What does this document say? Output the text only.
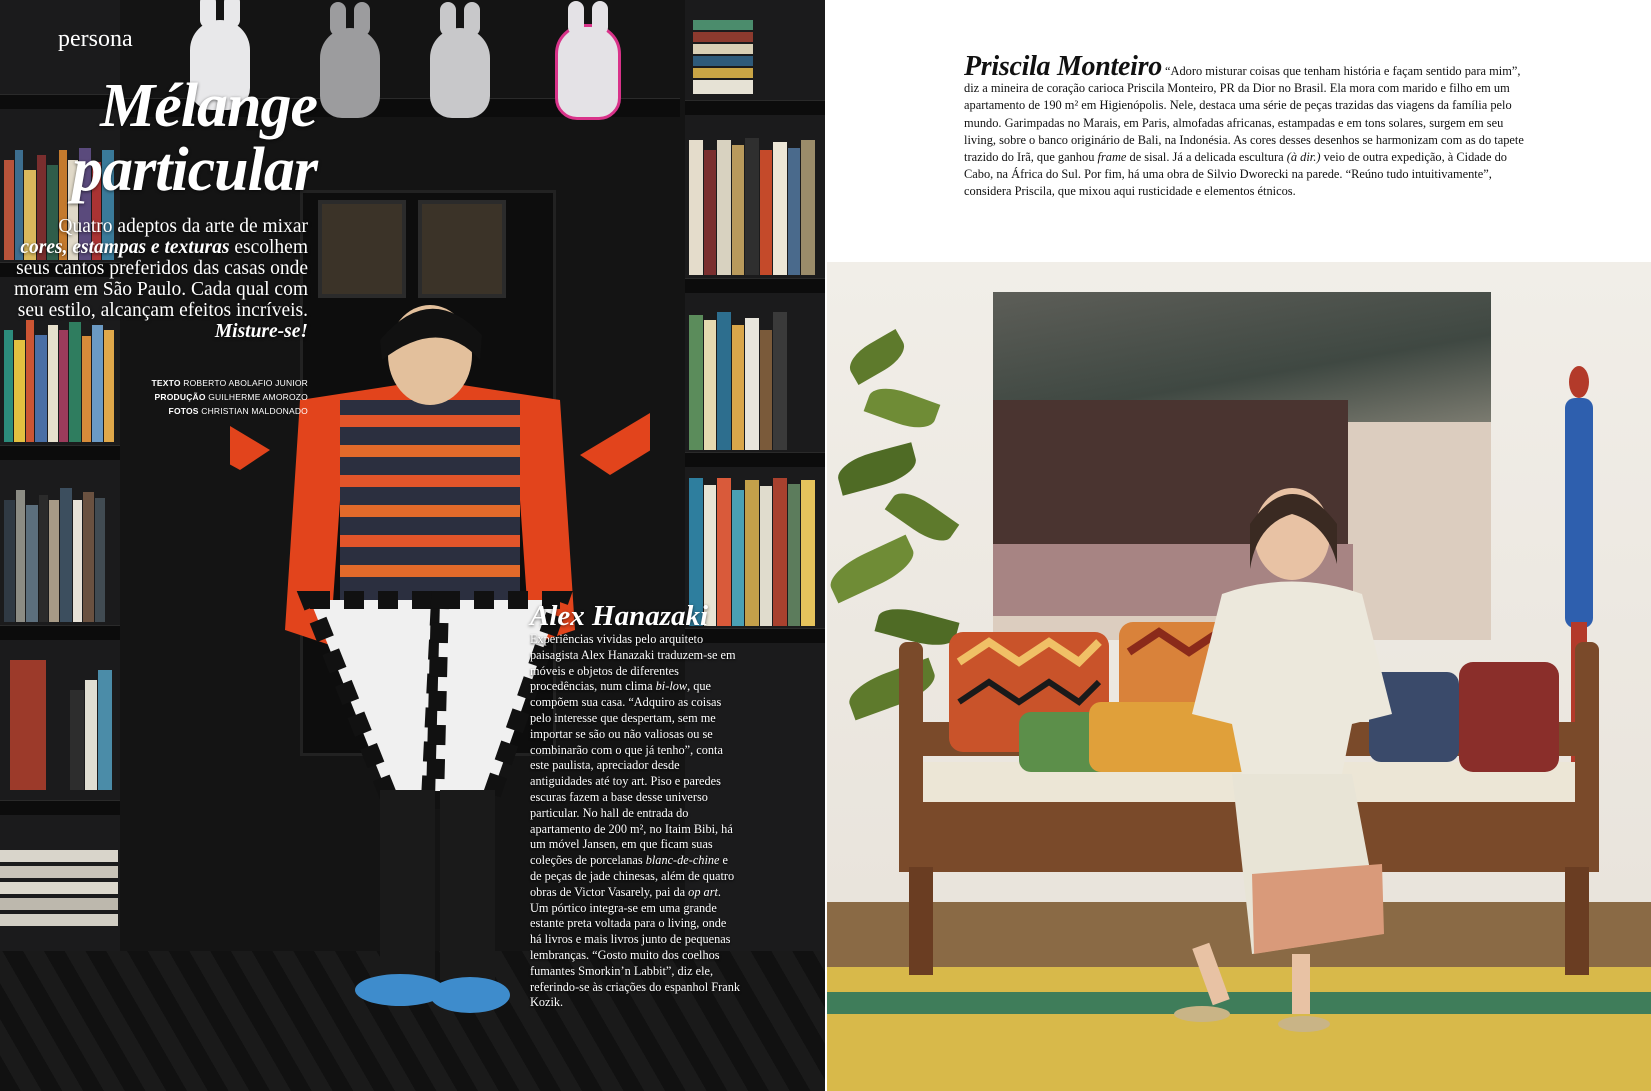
persona
Mélange
particular

Quatro adeptos da arte de mixar cores, estampas e texturas escolhem seus cantos preferidos das casas onde moram em São Paulo. Cada qual com seu estilo, alcançam efeitos incríveis. Misture-se!

TEXTO ROBERTO ABOLAFIO JUNIOR
PRODUÇÃO GUILHERME AMOROZO
FOTOS CHRISTIAN MALDONADO
Alex Hanazaki

Experiências vividas pelo arquiteto paisagista Alex Hanazaki traduzem-se em móveis e objetos de diferentes procedências, num clima bi-low, que compõem sua casa. “Adquiro as coisas pelo interesse que despertam, sem me importar se são ou não valiosas ou se combinarão com o que já tenho”, conta este paulista, apreciador desde antiguidades até toy art. Piso e paredes escuras fazem a base desse universo particular. No hall de entrada do apartamento de 200 m², no Itaim Bibi, há um móvel Jansen, em que ficam suas coleções de porcelanas blanc-de-chine e de peças de jade chinesas, além de quatro obras de Victor Vasarely, pai da op art. Um pórtico integra-se em uma grande estante preta voltada para o living, onde há livros e mais livros junto de pequenas lembranças. “Gosto muito dos coelhos fumantes Smorkin’n Labbit”, diz ele, referindo-se às criações do espanhol Frank Kozik.

Priscila Monteiro “Adoro misturar coisas que tenham história e façam sentido para mim”, diz a mineira de coração carioca Priscila Monteiro, PR da Dior no Brasil. Ela mora com marido e filho em um apartamento de 190 m² em Higienópolis. Nele, destaca uma série de peças trazidas das viagens da família pelo mundo. Garimpadas no Marais, em Paris, almofadas africanas, estampadas e em tons solares, surgem em seu living, sobre o banco originário de Bali, na Indonésia. As cores desses desenhos se harmonizam com as do tapete trazido do Irã, que ganhou frame de sisal. Já a delicada escultura (à dir.) veio de outra expedição, à Cidade do Cabo, na África do Sul. Por fim, há uma obra de Silvio Dworecki na parede. “Reúno tudo intuitivamente”, considera Priscila, que mixou aqui rusticidade e elementos étnicos.
